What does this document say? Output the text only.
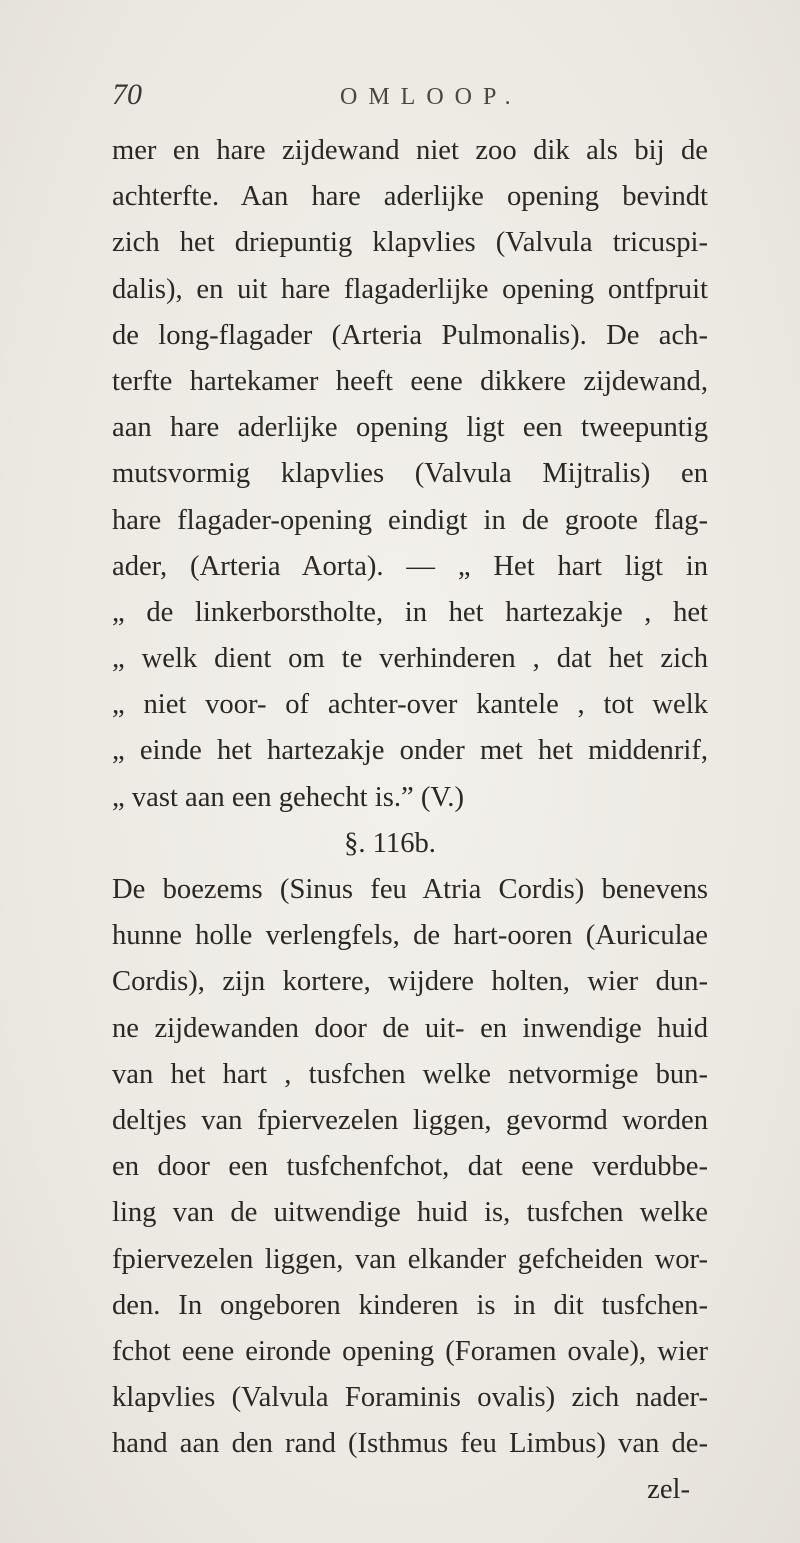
70	OMLOOP.
mer en hare zijdewand niet zoo dik als bij de
achterfte. Aan hare aderlijke opening bevindt
zich het driepuntig klapvlies (Valvula tricuspi-
dalis), en uit hare flagaderlijke opening ontfpruit
de long-flagader (Arteria Pulmonalis). De ach-
terfte hartekamer heeft eene dikkere zijdewand,
aan hare aderlijke opening ligt een tweepuntig
mutsvormig klapvlies (Valvula Mijtralis) en
hare flagader-opening eindigt in de groote flag-
ader, (Arteria Aorta). — „ Het hart ligt in
„ de linkerborstholte, in het hartezakje , het
„ welk dient om te verhinderen , dat het zich
„ niet voor- of achter-over kantele , tot welk
„ einde het hartezakje onder met het middenrif,
„ vast aan een gehecht is.” (V.)
§. 116b.
De boezems (Sinus feu Atria Cordis) benevens
hunne holle verlengfels, de hart-ooren (Auriculae
Cordis), zijn kortere, wijdere holten, wier dun-
ne zijdewanden door de uit- en inwendige huid
van het hart , tusfchen welke netvormige bun-
deltjes van fpiervezelen liggen, gevormd worden
en door een tusfchenfchot, dat eene verdubbe-
ling van de uitwendige huid is, tusfchen welke
fpiervezelen liggen, van elkander gefcheiden wor-
den. In ongeboren kinderen is in dit tusfchen-
fchot eene eironde opening (Foramen ovale), wier
klapvlies (Valvula Foraminis ovalis) zich nader-
hand aan den rand (Isthmus feu Limbus) van de-
zel-
